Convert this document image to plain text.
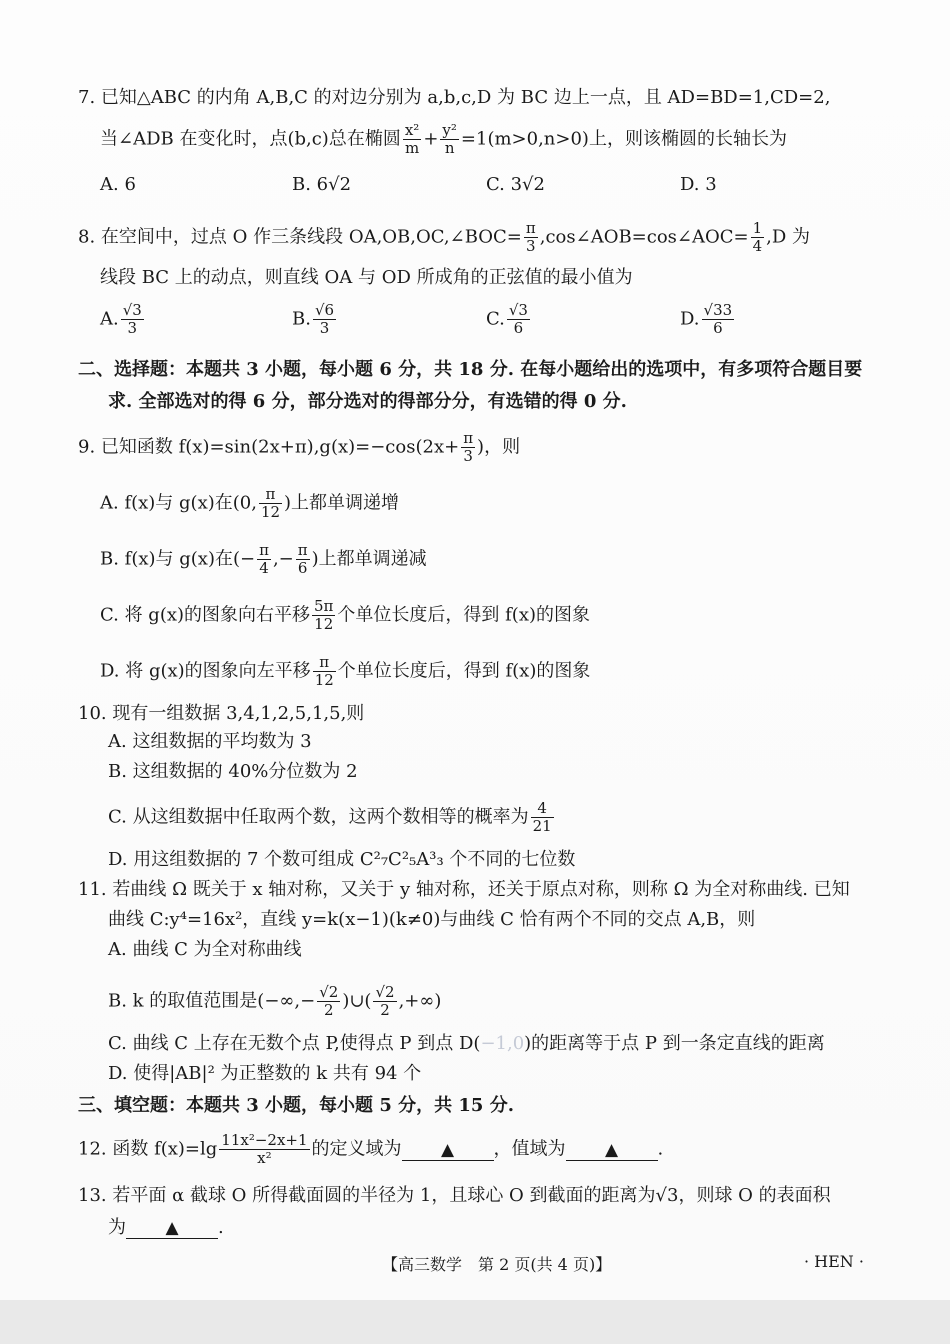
7. 已知△ABC 的内角 A,B,C 的对边分别为 a,b,c,D 为 BC 边上一点，且 AD=BD=1,CD=2,
当∠ADB 在变化时，点(b,c)总在椭圆 $\frac{\text{x²}}{m} + \frac{\text{y²}}{n} =1(m>0,n>0)$上，则该椭圆的长轴长为
A. 6	B. 6√2	C. 3√2	D. 3
8. 在空间中，过点 O 作三条线段 OA,OB,OC,∠BOC= $\frac{\pi}{3}$ ,cos∠AOB=cos∠AOC= $\frac{1}{4} ,D$ 为
线段 BC 上的动点，则直线 OA 与 OD 所成角的正弦值的最小值为
A. $\frac{√3}{3}$	B. $\frac{√6}{3}$	C. $\frac{√3}{6}$	D. $\frac{√33}{6}$
二、选择题：本题共 3 小题，每小题 6 分，共 18 分. 在每小题给出的选项中，有多项符合题目要
求. 全部选对的得 6 分，部分选对的得部分分，有选错的得 0 分.
9. 已知函数 $f(x)=\sin(2x+\pi),g(x)=-\cos(2x+ \frac{\pi}{3}$ )，则
A. f(x)与 g(x)在(0, $\frac{\pi}{12}$ )上都单调递增
B. f(x)与 g(x)在(− $\frac{\pi}{4}$ ,− $\frac{\pi}{6}$ )上都单调递减
C. 将 g(x)的图象向右平移 $\frac{5\pi}{12}$ 个单位长度后，得到 f(x)的图象
D. 将 g(x)的图象向左平移 $\frac{\pi}{12}$ 个单位长度后，得到 f(x)的图象
10. 现有一组数据 3,4,1,2,5,1,5,则
A. 这组数据的平均数为 3
B. 这组数据的 40%分位数为 2
C. 从这组数据中任取两个数，这两个数相等的概率为 $\frac{4}{21}$
D. 用这组数据的 7 个数可组成 C²₇C²₅A³₃ 个不同的七位数
11. 若曲线 Ω 既关于 x 轴对称，又关于 y 轴对称，还关于原点对称，则称 Ω 为全对称曲线. 已知
曲线 C:y⁴=16x²，直线 y=k(x−1)(k≠0)与曲线 C 恰有两个不同的交点 A,B，则
A. 曲线 C 为全对称曲线
B. k 的取值范围是(−∞,− $\frac{√2}{2}$ )∪( $\frac{√2}{2}$ ,+∞)
C. 曲线 C 上存在无数个点 P,使得点 P 到点 D(−1,0)的距离等于点 P 到一条定直线的距离
D. 使得|AB|² 为正整数的 k 共有 94 个
三、填空题：本题共 3 小题，每小题 5 分，共 15 分.
12. 函数 $f(x)=\lg \frac{\text{11x²−2x+1}}{\text{x²}}$ 的定义域为 ▲ ，值域为 ▲ .
13. 若平面 α 截球 O 所得截面圆的半径为 1，且球心 O 到截面的距离为√3，则球 O 的表面积
为 ▲ .
【高三数学　第 2 页(共 4 页)】	· HEN ·
